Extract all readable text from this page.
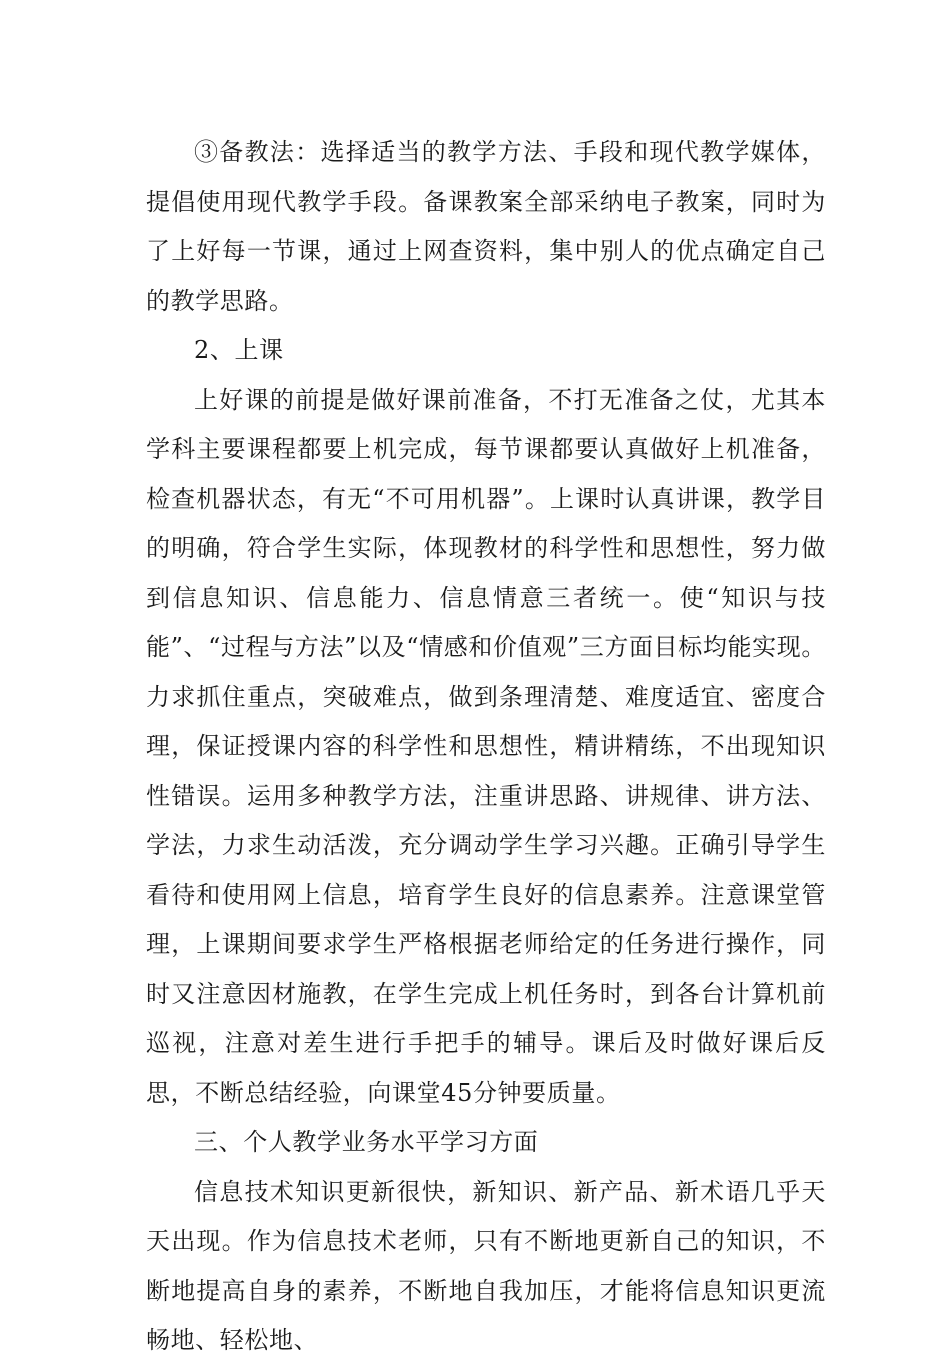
③备教法：选择适当的教学方法、手段和现代教学媒体，提倡使用现代教学手段。备课教案全部采纳电子教案，同时为了上好每一节课，通过上网查资料，集中别人的优点确定自己的教学思路。

2、上课

上好课的前提是做好课前准备，不打无准备之仗，尤其本学科主要课程都要上机完成，每节课都要认真做好上机准备，检查机器状态，有无“不可用机器”。上课时认真讲课，教学目的明确，符合学生实际，体现教材的科学性和思想性，努力做到信息知识、信息能力、信息情意三者统一。使“知识与技能”、“过程与方法”以及“情感和价值观”三方面目标均能实现。力求抓住重点，突破难点，做到条理清楚、难度适宜、密度合理，保证授课内容的科学性和思想性，精讲精练，不出现知识性错误。运用多种教学方法，注重讲思路、讲规律、讲方法、学法，力求生动活泼，充分调动学生学习兴趣。正确引导学生看待和使用网上信息，培育学生良好的信息素养。注意课堂管理，上课期间要求学生严格根据老师给定的任务进行操作，同时又注意因材施教，在学生完成上机任务时，到各台计算机前巡视，注意对差生进行手把手的辅导。课后及时做好课后反思，不断总结经验，向课堂45分钟要质量。

三、个人教学业务水平学习方面

信息技术知识更新很快，新知识、新产品、新术语几乎天天出现。作为信息技术老师，只有不断地更新自己的知识，不断地提高自身的素养，不断地自我加压，才能将信息知识更流畅地、轻松地、
